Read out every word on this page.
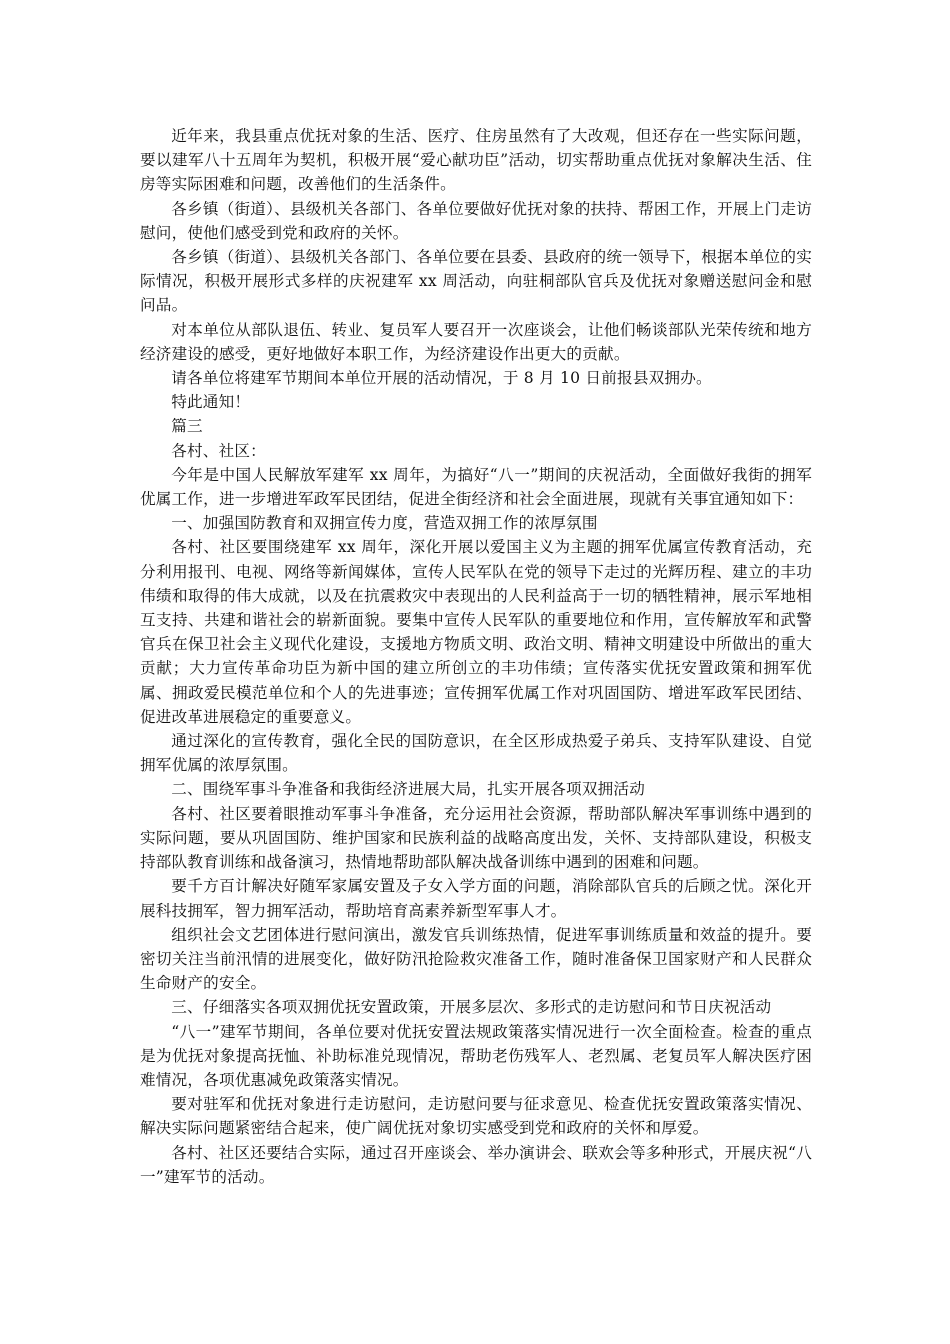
近年来，我县重点优抚对象的生活、医疗、住房虽然有了大改观，但还存在一些实际问题，要以建军八十五周年为契机，积极开展“爱心献功臣”活动，切实帮助重点优抚对象解决生活、住房等实际困难和问题，改善他们的生活条件。

各乡镇（街道）、县级机关各部门、各单位要做好优抚对象的扶持、帮困工作，开展上门走访慰问，使他们感受到党和政府的关怀。

各乡镇（街道）、县级机关各部门、各单位要在县委、县政府的统一领导下，根据本单位的实际情况，积极开展形式多样的庆祝建军 xx 周活动，向驻桐部队官兵及优抚对象赠送慰问金和慰问品。

对本单位从部队退伍、转业、复员军人要召开一次座谈会，让他们畅谈部队光荣传统和地方经济建设的感受，更好地做好本职工作，为经济建设作出更大的贡献。

请各单位将建军节期间本单位开展的活动情况，于 8 月 10 日前报县双拥办。

特此通知！

篇三

各村、社区：

今年是中国人民解放军建军 xx 周年，为搞好“八一”期间的庆祝活动，全面做好我街的拥军优属工作，进一步增进军政军民团结，促进全街经济和社会全面进展，现就有关事宜通知如下：

一、加强国防教育和双拥宣传力度，营造双拥工作的浓厚氛围

各村、社区要围绕建军 xx 周年，深化开展以爱国主义为主题的拥军优属宣传教育活动，充分利用报刊、电视、网络等新闻媒体，宣传人民军队在党的领导下走过的光辉历程、建立的丰功伟绩和取得的伟大成就，以及在抗震救灾中表现出的人民利益高于一切的牺牲精神，展示军地相互支持、共建和谐社会的崭新面貌。要集中宣传人民军队的重要地位和作用，宣传解放军和武警官兵在保卫社会主义现代化建设，支援地方物质文明、政治文明、精神文明建设中所做出的重大贡献；大力宣传革命功臣为新中国的建立所创立的丰功伟绩；宣传落实优抚安置政策和拥军优属、拥政爱民模范单位和个人的先进事迹；宣传拥军优属工作对巩固国防、增进军政军民团结、促进改革进展稳定的重要意义。

通过深化的宣传教育，强化全民的国防意识，在全区形成热爱子弟兵、支持军队建设、自觉拥军优属的浓厚氛围。

二、围绕军事斗争准备和我街经济进展大局，扎实开展各项双拥活动

各村、社区要着眼推动军事斗争准备，充分运用社会资源，帮助部队解决军事训练中遇到的实际问题，要从巩固国防、维护国家和民族利益的战略高度出发，关怀、支持部队建设，积极支持部队教育训练和战备演习，热情地帮助部队解决战备训练中遇到的困难和问题。

要千方百计解决好随军家属安置及子女入学方面的问题，消除部队官兵的后顾之忧。深化开展科技拥军，智力拥军活动，帮助培育高素养新型军事人才。

组织社会文艺团体进行慰问演出，激发官兵训练热情，促进军事训练质量和效益的提升。要密切关注当前汛情的进展变化，做好防汛抢险救灾准备工作，随时准备保卫国家财产和人民群众生命财产的安全。

三、仔细落实各项双拥优抚安置政策，开展多层次、多形式的走访慰问和节日庆祝活动

“八一”建军节期间，各单位要对优抚安置法规政策落实情况进行一次全面检查。检查的重点是为优抚对象提高抚恤、补助标准兑现情况，帮助老伤残军人、老烈属、老复员军人解决医疗困难情况，各项优惠减免政策落实情况。

要对驻军和优抚对象进行走访慰问，走访慰问要与征求意见、检查优抚安置政策落实情况、解决实际问题紧密结合起来，使广阔优抚对象切实感受到党和政府的关怀和厚爱。

各村、社区还要结合实际，通过召开座谈会、举办演讲会、联欢会等多种形式，开展庆祝“八一”建军节的活动。
